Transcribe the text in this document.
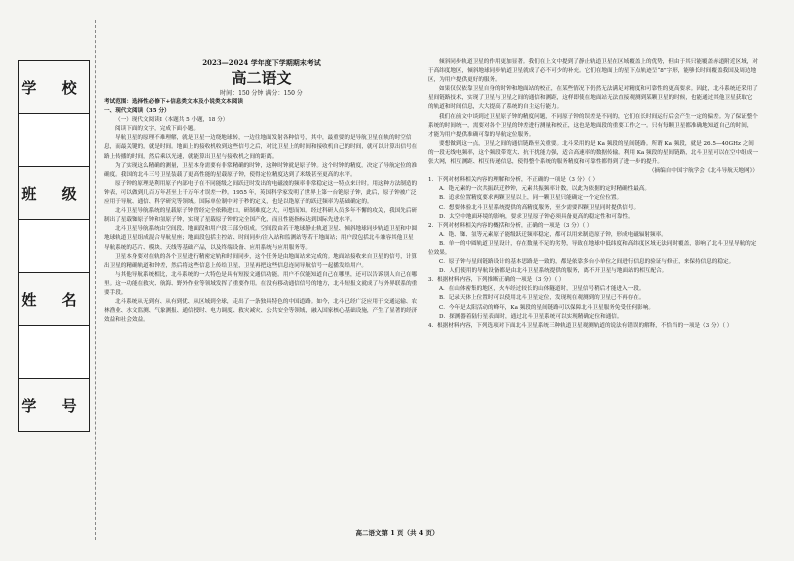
学 校
班 级
姓 名
学 号
2023—2024 学年度下学期期末考试
高二语文
时间：150 分钟 满分：150 分

考试范围：选择性必修下+信息类文本及小说类文本阅读

一、现代文阅读（35 分）

（一）现代文阅读Ⅰ（本题共 5 小题，18 分）

阅读下面的文字，完成下面小题。

导航卫星的原理不难理解，就是卫星一边绕地球转，一边往地面发射各种信号，其中，最重要的是导航卫星在轨的时空信息，而最关键的，就是时间。地面上的接收机收到这些信号之后，对比卫星上的时间和接收机自己的时间，就可以计算出信号在路上传播的时间，然后乘以光速，就能算出卫星与接收机之间的距离。

为了实现这么精确的测量，卫星本身需要有非常精确的时钟，这种时钟就是原子钟。这个时钟的精度，决定了导航定位的准确度。我国的北斗三号卫星装载了更高性能的星载原子钟，使得定位精度达到了米级甚至更高的水平。

原子钟的原理是利用原子内部电子在不同能级之间跃迁时发出的电磁波的频率非常稳定这一特点来计时。用这种方法制造的钟表，可以做到几百万年甚至上千万年才误差一秒。1955 年，英国科学家发明了世界上第一台铯原子钟，此后，原子钟被广泛应用于导航、通信、科学研究等领域。国际单位制中对于秒的定义，也是以铯原子的跃迁频率为基础确定的。

北斗卫星导航系统的星载原子钟曾经完全依赖进口，研制难度之大，可想而知。经过科研人员多年不懈的攻关，我国先后研制出了星载铷原子钟和氢原子钟，实现了星载原子钟的完全国产化，而且性能指标达到国际先进水平。

北斗卫星导航系统由空间段、地面段和用户段三部分组成。空间段由若干地球静止轨道卫星、倾斜地球同步轨道卫星和中圆地球轨道卫星组成混合导航星座；地面段包括主控站、时间同步/注入站和监测站等若干地面站；用户段包括北斗兼容其他卫星导航系统的芯片、模块、天线等基础产品，以及终端设备、应用系统与应用服务等。

卫星本身要对在轨的各个卫星进行精密定轨和时间同步，这个任务是由地面站来完成的。地面站接收来自卫星的信号，计算出卫星的精确轨道和钟差，然后将这些信息上传给卫星，卫星再把这些信息连同导航信号一起播发给用户。

与其他导航系统相比，北斗系统的一大特色是具有短报文通信功能。用户不仅能知道自己在哪里，还可以告诉别人自己在哪里。这一功能在救灾、航海、野外作业等领域发挥了重要作用。在没有移动通信信号的地方，北斗短报文就成了与外界联系的重要手段。

北斗系统从无到有、从有到优、从区域到全球，走出了一条独具特色的中国道路。如今，北斗已经广泛应用于交通运输、农林渔业、水文监测、气象测报、通信授时、电力调度、救灾减灾、公共安全等领域，融入国家核心基础设施，产生了显著的经济效益和社会效益。

倾斜同步轨道卫星的作用更加显著。我们在上文中提到了静止轨道卫星在区域覆盖上的优势，但由于其只能覆盖赤道附近区域，对于高纬度地区，倾斜地球同步轨道卫星就成了必不可少的补充。它们在地面上的星下点轨迹呈“8”字形，能够长时间覆盖我国及周边地区，为用户提供更好的服务。

如果仅仅依靠卫星自身的时钟和地面站的校正，在某些情况下仍然无法满足对精度和可靠性的更高要求。因此，北斗系统还采用了星间链路技术，实现了卫星与卫星之间的通信和测距，这样即使在地面站无法直接观测到某颗卫星的时候，也能通过其他卫星获取它的轨道和时间信息，大大提高了系统的自主运行能力。

我们在前文中谈到过卫星原子钟的精度问题，不同原子钟的误差是不同的，它们在长时间运行后会产生一定的偏差。为了保证整个系统的时间统一，需要对各个卫星的钟差进行测量和校正，这也是地面段的重要工作之一。只有每颗卫星都准确地知道自己的时间，才能为用户提供准确可靠的导航定位服务。

要想做到这一点，卫星之间的通信链路至关重要。北斗采用的是 Ka 频段的星间链路。所谓 Ka 频段，就是 26.5—40GHz 之间的一段无线电频率，这个频段带宽大、抗干扰能力强，适合高速率的数据传输。利用 Ka 频段的星间链路，北斗卫星可以在空中组成一张大网，相互测距、相互传递信息，使得整个系统的服务精度和可靠性都得到了进一步的提升。

（摘编自中国宇航学会《北斗导航天地网》）

1．下列对材料相关内容的理解和分析，不正确的一项是（3 分）（ ）

A．铯元素的一次共振跃迁秒钟，元素共振频率计数，以此为依据的定时精确性最高。

B．追求位置精度要求两颗卫星以上，同一颗卫星只能确定一个定位位置。

C．想要体验北斗卫星系统提供的高精度服务，至少需要四颗卫星同时提供信号。

D．太空中地面环境的影响，要求卫星原子钟必须具备更高的稳定性和可靠性。

2．下列对材料相关内容的概括和分析，正确的一项是（3 分）（ ）

A．铯、铷、氢等元素原子能级跃迁频率稳定，都可以用来制造原子钟，形成电磁辐射频率。

B．单一的中圆轨道卫星设计，存在数量不足的劣势，导致在地球中低纬度和高纬度区域无法同时覆盖，影响了北斗卫星导航的定位效果。

C．原子钟与星间链路设计的基本思路是一致的，都是依靠多台小单位之间进行信息的验证与修正，来保持信息的稳定。

D．人们使用的导航设备都是由北斗卫星系统提供的服务，离不开卫星与地面站的相互配合。

3．根据材料内容，下列推断正确的一项是（3 分）（ ）

A．在山体密集的地区，火车经过较长的山体隧道时，卫星信号稍后才能进入一段。

B．记录天体上位置时可以使用北斗卫星定位，发现现在观测到的卫星已不再存在。

C．今年是太阳活动的峰年，Ka 频段的星间链路可以保障北斗卫星服务免受任何影响。

D．探测器着陆行星表面时，通过北斗卫星系统可以实现精确定位和通信。

4．根据材料内容，下列选项对下面北斗卫星系统三种轨道卫星观测轨道的说法有错误的解释，不恰当的一项是（3 分）（ ）

高二语文第 1 页（共 4 页）
